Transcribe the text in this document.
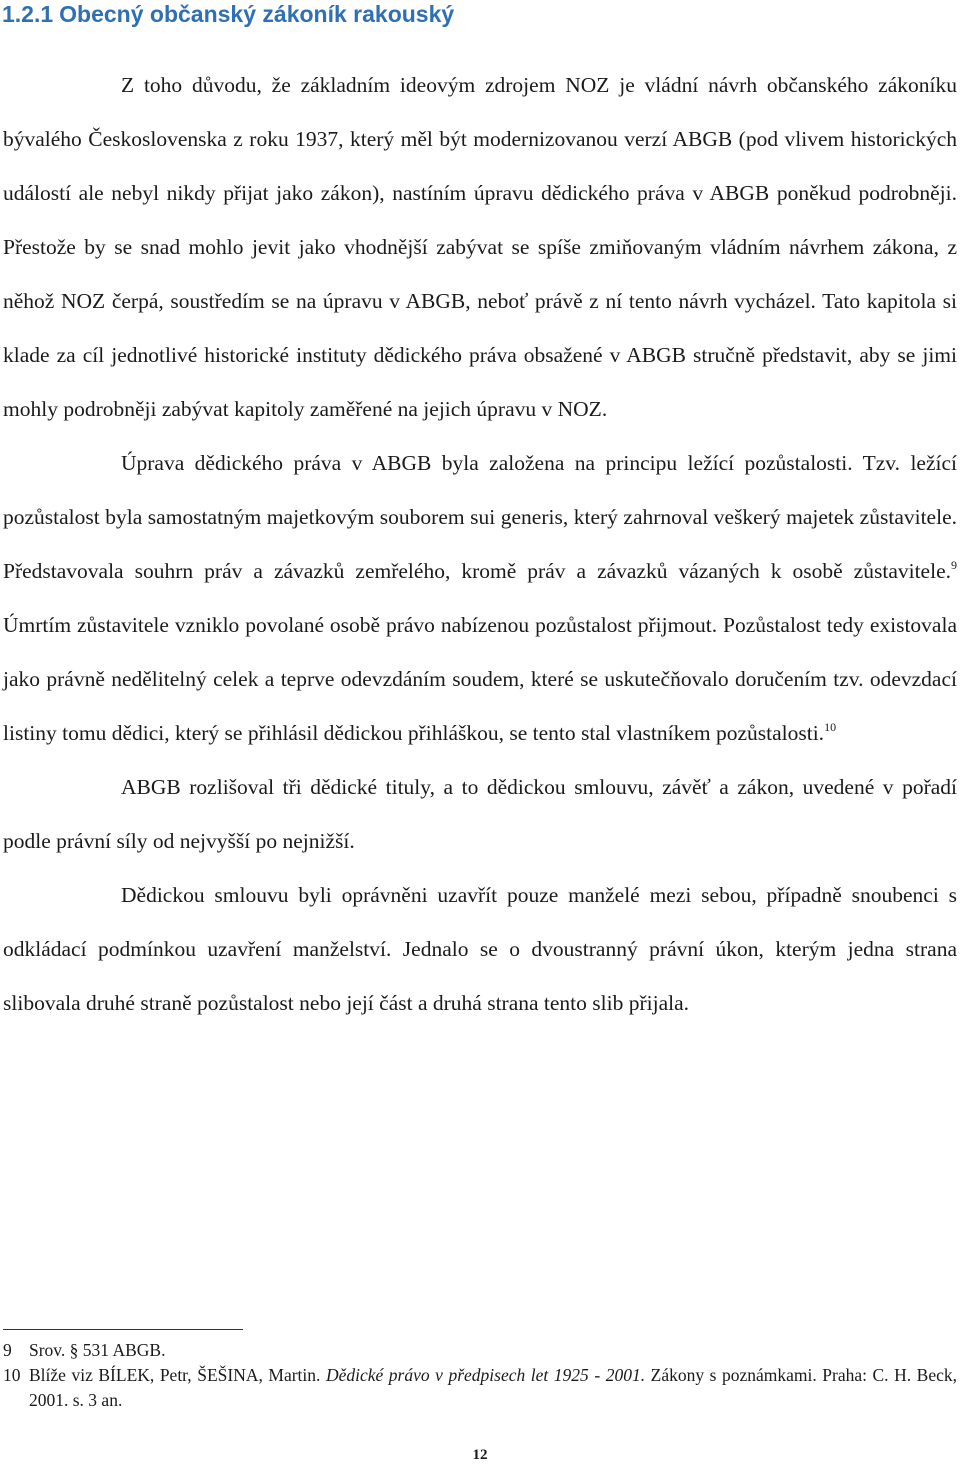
1.2.1 Obecný občanský zákoník rakouský

Z toho důvodu, že základním ideovým zdrojem NOZ je vládní návrh občanského zákoníku bývalého Československa z roku 1937, který měl být modernizovanou verzí ABGB (pod vlivem historických událostí ale nebyl nikdy přijat jako zákon), nastíním úpravu dědického práva v ABGB poněkud podrobněji. Přestože by se snad mohlo jevit jako vhodnější zabývat se spíše zmiňovaným vládním návrhem zákona, z něhož NOZ čerpá, soustředím se na úpravu v ABGB, neboť právě z ní tento návrh vycházel. Tato kapitola si klade za cíl jednotlivé historické instituty dědického práva obsažené v ABGB stručně představit, aby se jimi mohly podrobněji zabývat kapitoly zaměřené na jejich úpravu v NOZ.

Úprava dědického práva v ABGB byla založena na principu ležící pozůstalosti. Tzv. ležící pozůstalost byla samostatným majetkovým souborem sui generis, který zahrnoval veškerý majetek zůstavitele. Představovala souhrn práv a závazků zemřelého, kromě práv a závazků vázaných k osobě zůstavitele.$^9$ Úmrtím zůstavitele vzniklo povolané osobě právo nabízenou pozůstalost přijmout. Pozůstalost tedy existovala jako právně nedělitelný celek a teprve odevzdáním soudem, které se uskutečňovalo doručením tzv. odevzdací listiny tomu dědici, který se přihlásil dědickou přihláškou, se tento stal vlastníkem pozůstalosti.$^{10}$

ABGB rozlišoval tři dědické tituly, a to dědickou smlouvu, závěť a zákon, uvedené v pořadí podle právní síly od nejvyšší po nejnižší.

Dědickou smlouvu byli oprávněni uzavřít pouze manželé mezi sebou, případně snoubenci s odkládací podmínkou uzavření manželství. Jednalo se o dvoustranný právní úkon, kterým jedna strana slibovala druhé straně pozůstalost nebo její část a druhá strana tento slib přijala.

9 Srov. § 531 ABGB.
10 Blíže viz BÍLEK, Petr, ŠEŠINA, Martin. Dědické právo v předpisech let 1925 - 2001. Zákony s poznámkami. Praha: C. H. Beck, 2001. s. 3 an.
12
